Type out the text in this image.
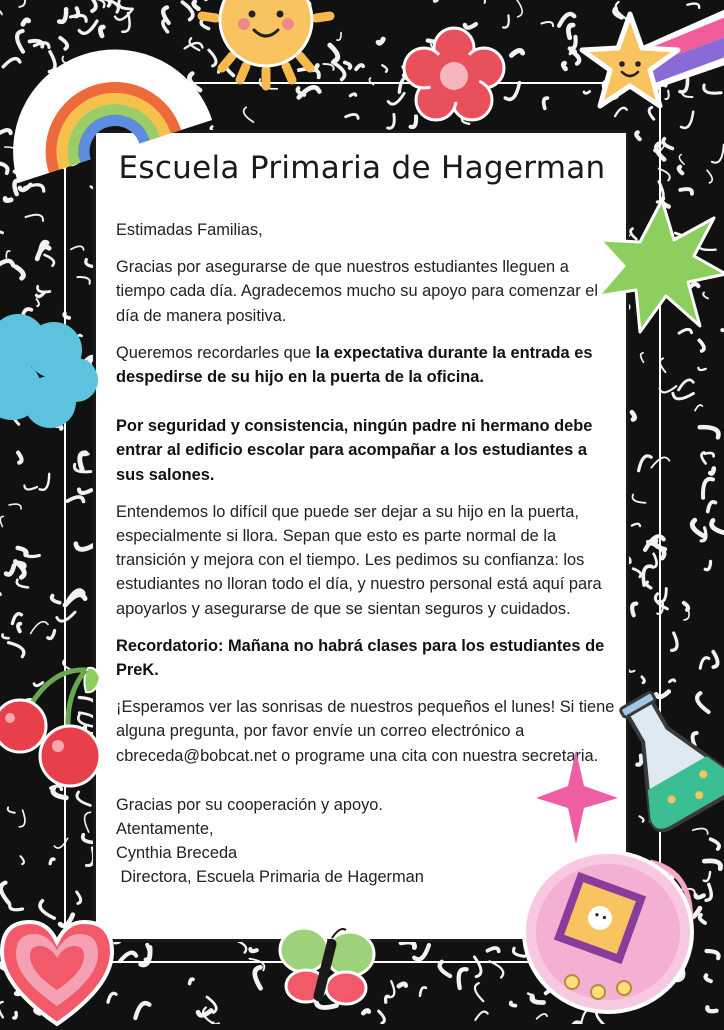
Escuela Primaria de Hagerman

Estimadas Familias,

Gracias por asegurarse de que nuestros estudiantes lleguen a tiempo cada día. Agradecemos mucho su apoyo para comenzar el día de manera positiva.

Queremos recordarles que la expectativa durante la entrada es despedirse de su hijo en la puerta de la oficina.

Por seguridad y consistencia, ningún padre ni hermano debe entrar al edificio escolar para acompañar a los estudiantes a sus salones.

Entendemos lo difícil que puede ser dejar a su hijo en la puerta, especialmente si llora. Sepan que esto es parte normal de la transición y mejora con el tiempo. Les pedimos su confianza: los estudiantes no lloran todo el día, y nuestro personal está aquí para apoyarlos y asegurarse de que se sientan seguros y cuidados.

Recordatorio: Mañana no habrá clases para los estudiantes de PreK.

¡Esperamos ver las sonrisas de nuestros pequeños el lunes! Si tiene alguna pregunta, por favor envíe un correo electrónico a cbreceda@bobcat.net o programe una cita con nuestra secretaria.

Gracias por su cooperación y apoyo.
Atentamente,
Cynthia Breceda
Directora, Escuela Primaria de Hagerman
